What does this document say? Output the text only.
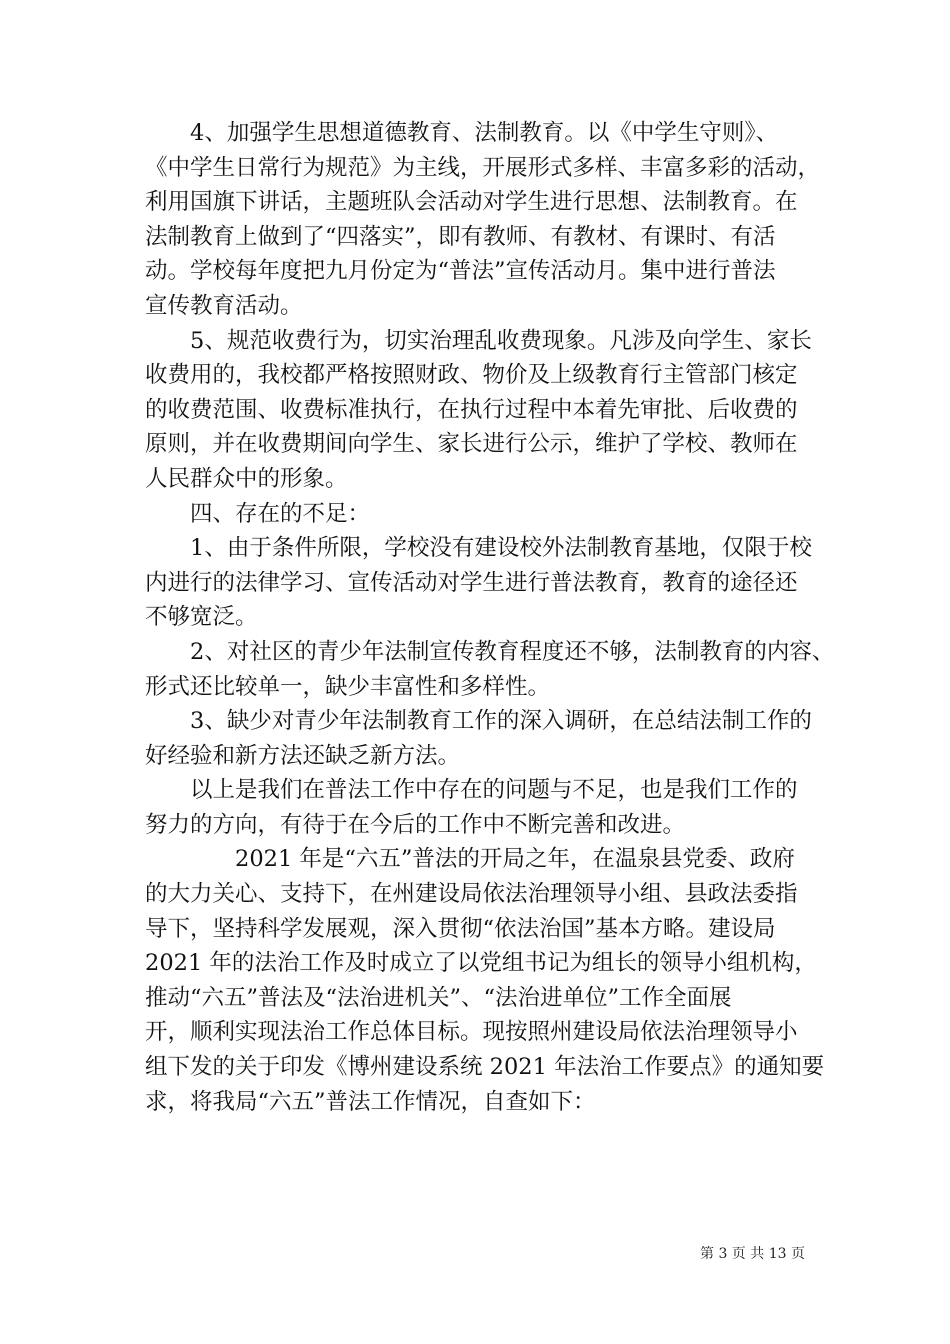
4、加强学生思想道德教育、法制教育。以《中学生守则》、
《中学生日常行为规范》为主线，开展形式多样、丰富多彩的活动，
利用国旗下讲话，主题班队会活动对学生进行思想、法制教育。在
法制教育上做到了“四落实”，即有教师、有教材、有课时、有活
动。学校每年度把九月份定为“普法”宣传活动月。集中进行普法
宣传教育活动。
5、规范收费行为，切实治理乱收费现象。凡涉及向学生、家长
收费用的，我校都严格按照财政、物价及上级教育行主管部门核定
的收费范围、收费标准执行，在执行过程中本着先审批、后收费的
原则，并在收费期间向学生、家长进行公示，维护了学校、教师在
人民群众中的形象。
四、存在的不足：
1、由于条件所限，学校没有建设校外法制教育基地，仅限于校
内进行的法律学习、宣传活动对学生进行普法教育，教育的途径还
不够宽泛。
2、对社区的青少年法制宣传教育程度还不够，法制教育的内容、
形式还比较单一，缺少丰富性和多样性。
3、缺少对青少年法制教育工作的深入调研，在总结法制工作的
好经验和新方法还缺乏新方法。
以上是我们在普法工作中存在的问题与不足，也是我们工作的
努力的方向，有待于在今后的工作中不断完善和改进。
2021 年是“六五”普法的开局之年，在温泉县党委、政府
的大力关心、支持下，在州建设局依法治理领导小组、县政法委指
导下，坚持科学发展观，深入贯彻“依法治国”基本方略。建设局
2021 年的法治工作及时成立了以党组书记为组长的领导小组机构，
推动“六五”普法及“法治进机关”、“法治进单位”工作全面展
开，顺利实现法治工作总体目标。现按照州建设局依法治理领导小
组下发的关于印发《博州建设系统 2021 年法治工作要点》的通知要
求，将我局“六五”普法工作情况，自查如下：
第 3 页 共 13 页
